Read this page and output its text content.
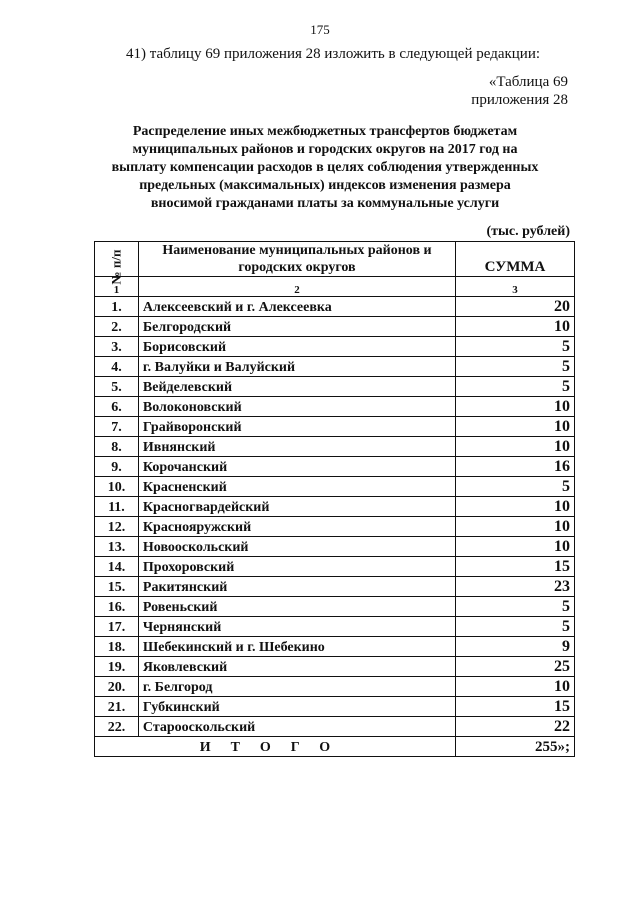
175
41) таблицу 69 приложения 28 изложить в следующей редакции:
«Таблица 69
приложения 28
Распределение иных межбюджетных трансфертов бюджетам
муниципальных районов и городских округов на 2017 год на
выплату компенсации расходов в целях соблюдения утвержденных
предельных (максимальных) индексов изменения размера
вносимой гражданами платы за коммунальные услуги
(тыс. рублей)
№ п/п	Наименование муниципальных районов и городских округов	СУММА
1	2	3
1.	Алексеевский и г. Алексеевка	20
2.	Белгородский	10
3.	Борисовский	5
4.	г. Валуйки и Валуйский	5
5.	Вейделевский	5
6.	Волоконовский	10
7.	Грайворонский	10
8.	Ивнянский	10
9.	Корочанский	16
10.	Красненский	5
11.	Красногвардейский	10
12.	Краснояружский	10
13.	Новооскольский	10
14.	Прохоровский	15
15.	Ракитянский	23
16.	Ровеньский	5
17.	Чернянский	5
18.	Шебекинский и г. Шебекино	9
19.	Яковлевский	25
20.	г. Белгород	10
21.	Губкинский	15
22.	Старооскольский	22
ИТОГО		255»;
